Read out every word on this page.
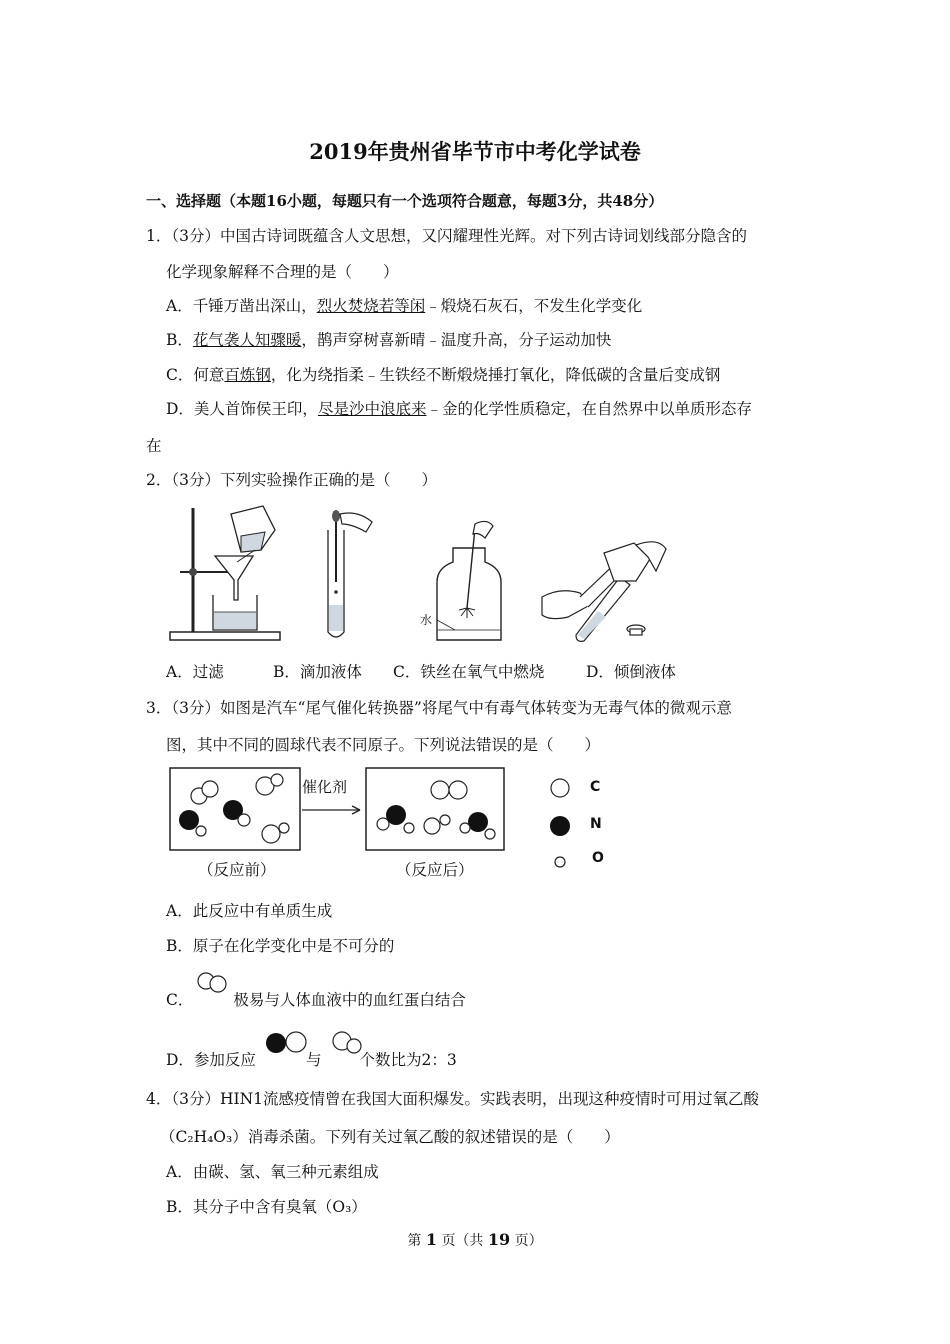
2019年贵州省毕节市中考化学试卷
一、选择题（本题16小题，每题只有一个选项符合题意，每题3分，共48分）
1．（3分）中国古诗词既蕴含人文思想，又闪耀理性光辉。对下列古诗词划线部分隐含的
化学现象解释不合理的是（　　）
A．千锤万凿出深山，烈火焚烧若等闲﹣煅烧石灰石，不发生化学变化
B．花气袭人知骤暖，鹊声穿树喜新晴﹣温度升高，分子运动加快
C．何意百炼钢，化为绕指柔﹣生铁经不断煅烧捶打氧化，降低碳的含量后变成钢
D．美人首饰侯王印，尽是沙中浪底来﹣金的化学性质稳定，在自然界中以单质形态存
在
2．（3分）下列实验操作正确的是（　　）
水
A．过滤	B．滴加液体 C．铁丝在氧气中燃烧	D．倾倒液体
3．（3分）如图是汽车“尾气催化转换器”将尾气中有毒气体转变为无毒气体的微观示意
图，其中不同的圆球代表不同原子。下列说法错误的是（　　）
催化剂
（反应前）	（反应后）
C
N
O
A．此反应中有单质生成
B．原子在化学变化中是不可分的
C．	极易与人体血液中的血红蛋白结合
D．参加反应	与 个数比为2：3
4．（3分）HIN1流感疫情曾在我国大面积爆发。实践表明，出现这种疫情时可用过氧乙酸
（C₂H₄O₃）消毒杀菌。下列有关过氧乙酸的叙述错误的是（　　）
A．由碳、氢、氧三种元素组成
B．其分子中含有臭氧（O₃）
第 1 页（共 19 页）
